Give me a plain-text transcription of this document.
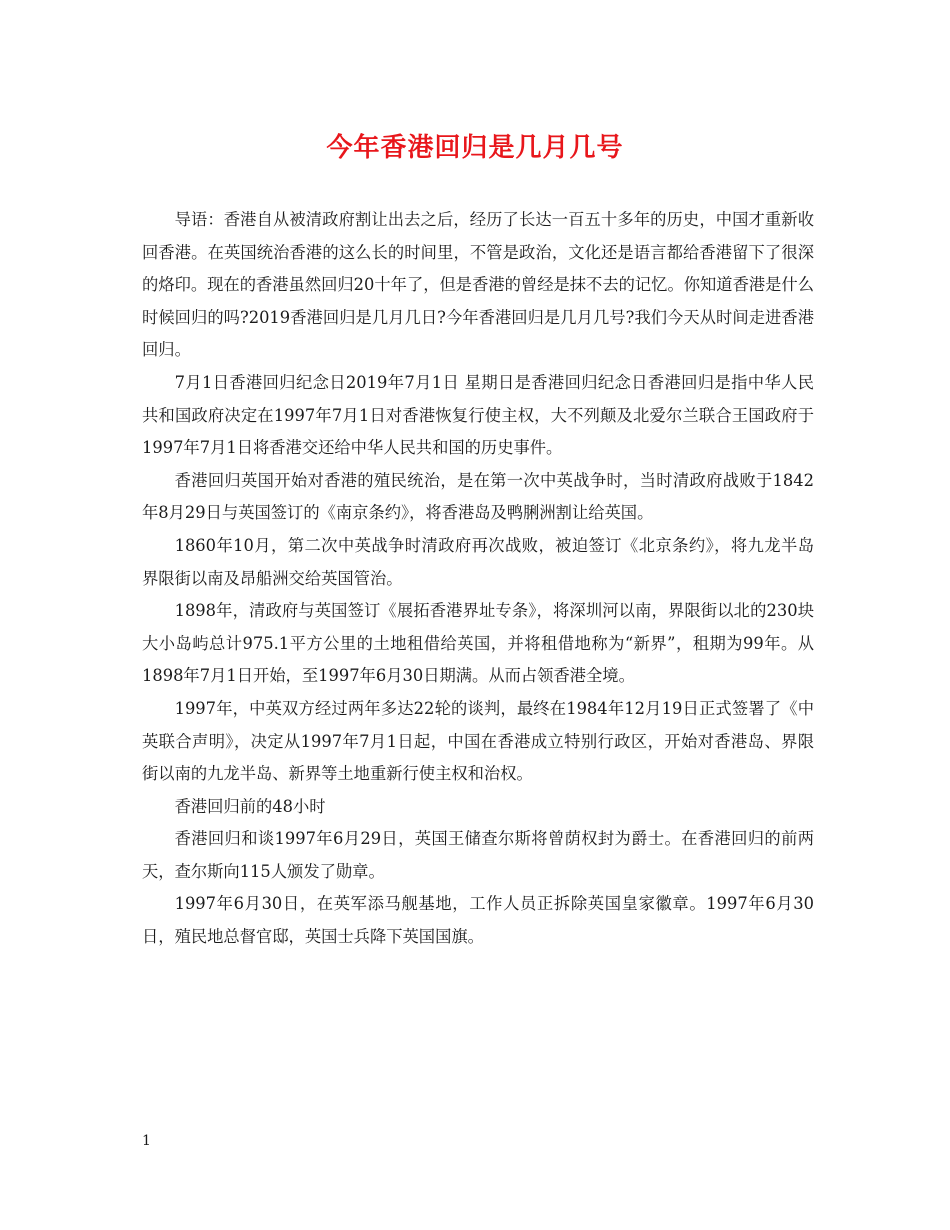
今年香港回归是几月几号

导语：香港自从被清政府割让出去之后，经历了长达一百五十多年的历史，中国才重新收回香港。在英国统治香港的这么长的时间里，不管是政治，文化还是语言都给香港留下了很深的烙印。现在的香港虽然回归20十年了，但是香港的曾经是抹不去的记忆。你知道香港是什么时候回归的吗?2019香港回归是几月几日?今年香港回归是几月几号?我们今天从时间走进香港回归。

7月1日香港回归纪念日2019年7月1日 星期日是香港回归纪念日香港回归是指中华人民共和国政府决定在1997年7月1日对香港恢复行使主权，大不列颠及北爱尔兰联合王国政府于1997年7月1日将香港交还给中华人民共和国的历史事件。

香港回归英国开始对香港的殖民统治，是在第一次中英战争时，当时清政府战败于1842年8月29日与英国签订的《南京条约》，将香港岛及鸭脷洲割让给英国。

1860年10月，第二次中英战争时清政府再次战败，被迫签订《北京条约》，将九龙半岛界限街以南及昂船洲交给英国管治。

1898年，清政府与英国签订《展拓香港界址专条》，将深圳河以南，界限街以北的230块大小岛屿总计975.1平方公里的土地租借给英国，并将租借地称为“新界”，租期为99年。从1898年7月1日开始，至1997年6月30日期满。从而占领香港全境。

1997年，中英双方经过两年多达22轮的谈判，最终在1984年12月19日正式签署了《中英联合声明》，决定从1997年7月1日起，中国在香港成立特别行政区，开始对香港岛、界限街以南的九龙半岛、新界等土地重新行使主权和治权。

香港回归前的48小时

香港回归和谈1997年6月29日，英国王储查尔斯将曾荫权封为爵士。在香港回归的前两天，查尔斯向115人颁发了勋章。

1997年6月30日，在英军添马舰基地，工作人员正拆除英国皇家徽章。1997年6月30日，殖民地总督官邸，英国士兵降下英国国旗。

1
